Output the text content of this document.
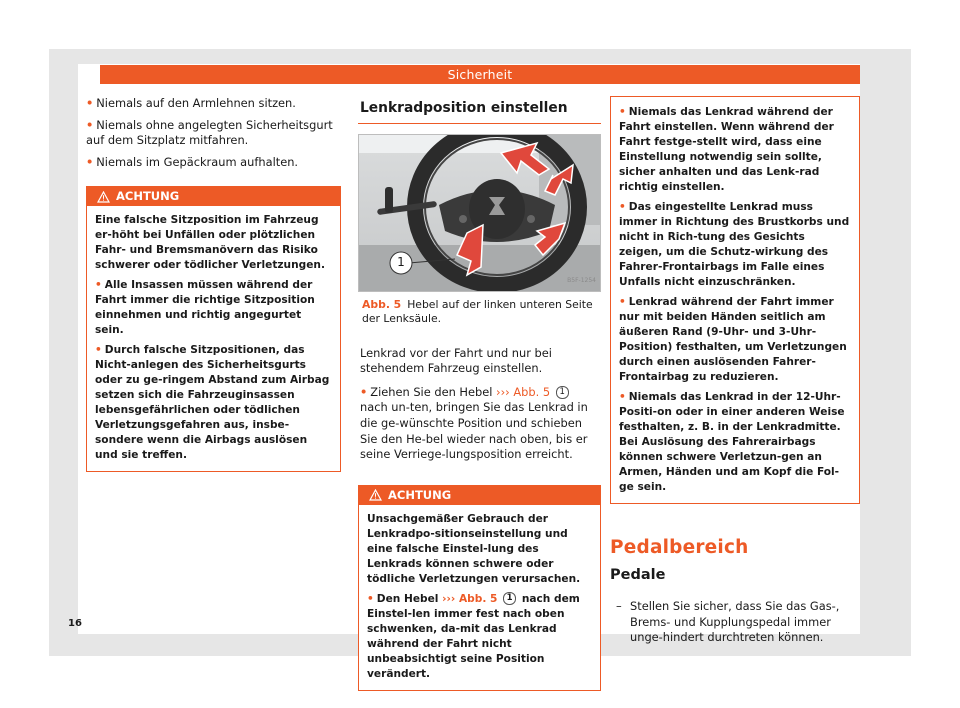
Sicherheit

• Niemals auf den Armlehnen sitzen.

• Niemals ohne angelegten Sicherheitsgurt auf dem Sitzplatz mitfahren.

• Niemals im Gepäckraum aufhalten.

ACHTUNG

Eine falsche Sitzposition im Fahrzeug er-höht bei Unfällen oder plötzlichen Fahr- und Bremsmanövern das Risiko schwerer oder tödlicher Verletzungen.

• Alle Insassen müssen während der Fahrt immer die richtige Sitzposition einnehmen und richtig angegurtet sein.

• Durch falsche Sitzpositionen, das Nicht-anlegen des Sicherheitsgurts oder zu ge-ringem Abstand zum Airbag setzen sich die Fahrzeuginsassen lebensgefährlichen oder tödlichen Verletzungsgefahren aus, insbe-sondere wenn die Airbags auslösen und sie treffen.

Lenkradposition einstellen
1
B5F-1254

Abb. 5 Hebel auf der linken unteren Seite der Lenksäule.

Lenkrad vor der Fahrt und nur bei stehendem Fahrzeug einstellen.

• Ziehen Sie den Hebel ››› Abb. 5 1 nach un-ten, bringen Sie das Lenkrad in die ge-wünschte Position und schieben Sie den He-bel wieder nach oben, bis er seine Verriege-lungsposition erreicht.

ACHTUNG

Unsachgemäßer Gebrauch der Lenkradpo-sitionseinstellung und eine falsche Einstel-lung des Lenkrads können schwere oder tödliche Verletzungen verursachen.

• Den Hebel ››› Abb. 5 1 nach dem Einstel-len immer fest nach oben schwenken, da-mit das Lenkrad während der Fahrt nicht unbeabsichtigt seine Position verändert.

• Niemals das Lenkrad während der Fahrt einstellen. Wenn während der Fahrt festge-stellt wird, dass eine Einstellung notwendig sein sollte, sicher anhalten und das Lenk-rad richtig einstellen.

• Das eingestellte Lenkrad muss immer in Richtung des Brustkorbs und nicht in Rich-tung des Gesichts zeigen, um die Schutz-wirkung des Fahrer-Frontairbags im Falle eines Unfalls nicht einzuschränken.

• Lenkrad während der Fahrt immer nur mit beiden Händen seitlich am äußeren Rand (9-Uhr- und 3-Uhr-Position) festhalten, um Verletzungen durch einen auslösenden Fahrer-Frontairbag zu reduzieren.

• Niemals das Lenkrad in der 12-Uhr-Positi-on oder in einer anderen Weise festhalten, z. B. in der Lenkradmitte. Bei Auslösung des Fahrerairbags können schwere Verletzun-gen an Armen, Händen und am Kopf die Fol-ge sein.

Pedalbereich
Pedale

– Stellen Sie sicher, dass Sie das Gas-, Brems- und Kupplungspedal immer unge-hindert durchtreten können.

16
